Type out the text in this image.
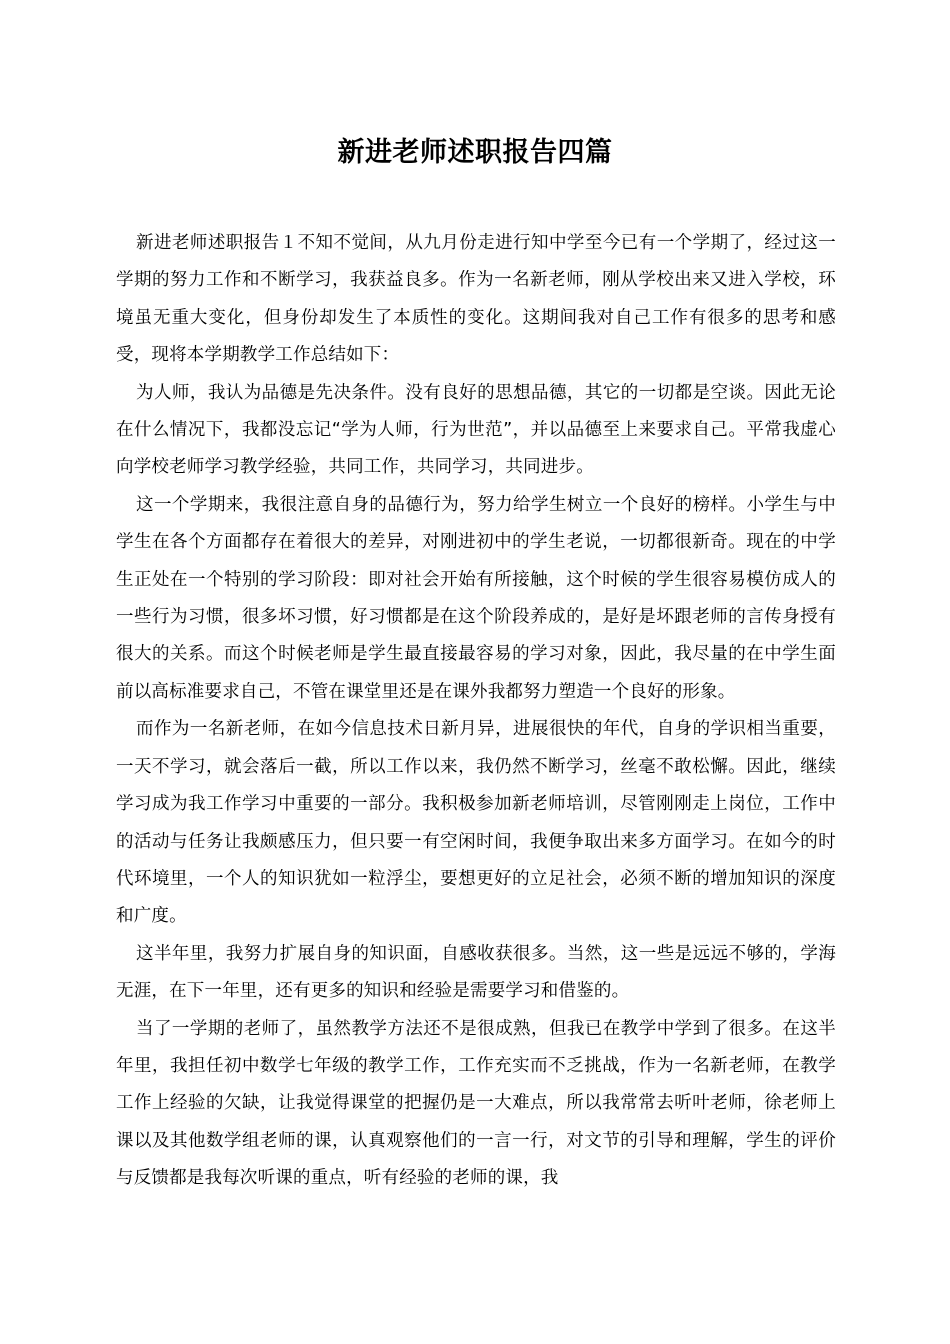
新进老师述职报告四篇

新进老师述职报告１不知不觉间，从九月份走进行知中学至今已有一个学期了，经过这一学期的努力工作和不断学习，我获益良多。作为一名新老师，刚从学校出来又进入学校，环境虽无重大变化，但身份却发生了本质性的变化。这期间我对自己工作有很多的思考和感受，现将本学期教学工作总结如下：

为人师，我认为品德是先决条件。没有良好的思想品德，其它的一切都是空谈。因此无论在什么情况下，我都没忘记“学为人师，行为世范”，并以品德至上来要求自己。平常我虚心向学校老师学习教学经验，共同工作，共同学习，共同进步。

这一个学期来，我很注意自身的品德行为，努力给学生树立一个良好的榜样。小学生与中学生在各个方面都存在着很大的差异，对刚进初中的学生老说，一切都很新奇。现在的中学生正处在一个特别的学习阶段：即对社会开始有所接触，这个时候的学生很容易模仿成人的一些行为习惯，很多坏习惯，好习惯都是在这个阶段养成的，是好是坏跟老师的言传身授有很大的关系。而这个时候老师是学生最直接最容易的学习对象，因此，我尽量的在中学生面前以高标准要求自己，不管在课堂里还是在课外我都努力塑造一个良好的形象。

而作为一名新老师，在如今信息技术日新月异，进展很快的年代，自身的学识相当重要，一天不学习，就会落后一截，所以工作以来，我仍然不断学习，丝毫不敢松懈。因此，继续学习成为我工作学习中重要的一部分。我积极参加新老师培训，尽管刚刚走上岗位，工作中的活动与任务让我颇感压力，但只要一有空闲时间，我便争取出来多方面学习。在如今的时代环境里，一个人的知识犹如一粒浮尘，要想更好的立足社会，必须不断的增加知识的深度和广度。

这半年里，我努力扩展自身的知识面，自感收获很多。当然，这一些是远远不够的，学海无涯，在下一年里，还有更多的知识和经验是需要学习和借鉴的。

当了一学期的老师了，虽然教学方法还不是很成熟，但我已在教学中学到了很多。在这半年里，我担任初中数学七年级的教学工作，工作充实而不乏挑战，作为一名新老师，在教学工作上经验的欠缺，让我觉得课堂的把握仍是一大难点，所以我常常去听叶老师，徐老师上课以及其他数学组老师的课，认真观察他们的一言一行，对文节的引导和理解，学生的评价与反馈都是我每次听课的重点，听有经验的老师的课，我
